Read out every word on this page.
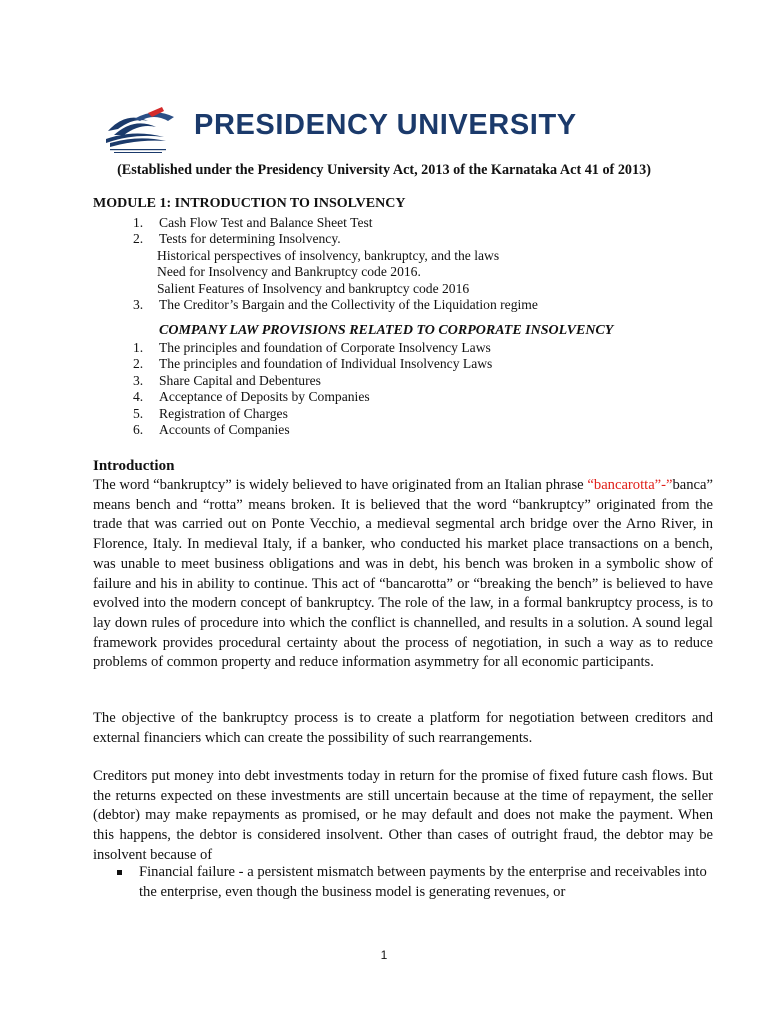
PRESIDENCY UNIVERSITY
(Established under the Presidency University Act, 2013 of the Karnataka Act 41 of 2013)
MODULE 1: INTRODUCTION TO INSOLVENCY
1. Cash Flow Test and Balance Sheet Test
2. Tests for determining Insolvency.
Historical perspectives of insolvency, bankruptcy, and the laws
Need for Insolvency and Bankruptcy code 2016.
Salient Features of Insolvency and bankruptcy code 2016
3. The Creditor’s Bargain and the Collectivity of the Liquidation regime
COMPANY LAW PROVISIONS RELATED TO CORPORATE INSOLVENCY
1. The principles and foundation of Corporate Insolvency Laws
2. The principles and foundation of Individual Insolvency Laws
3. Share Capital and Debentures
4. Acceptance of Deposits by Companies
5. Registration of Charges
6. Accounts of Companies
Introduction
The word “bankruptcy” is widely believed to have originated from an Italian phrase “bancarotta”-”banca” means bench and “rotta” means broken. It is believed that the word “bankruptcy” originated from the trade that was carried out on Ponte Vecchio, a medieval segmental arch bridge over the Arno River, in Florence, Italy. In medieval Italy, if a banker, who conducted his market place transactions on a bench, was unable to meet business obligations and was in debt, his bench was broken in a symbolic show of failure and his in ability to continue. This act of “bancarotta” or “breaking the bench” is believed to have evolved into the modern concept of bankruptcy. The role of the law, in a formal bankruptcy process, is to lay down rules of procedure into which the conflict is channelled, and results in a solution. A sound legal framework provides procedural certainty about the process of negotiation, in such a way as to reduce problems of common property and reduce information asymmetry for all economic participants.
The objective of the bankruptcy process is to create a platform for negotiation between creditors and external financiers which can create the possibility of such rearrangements.
Creditors put money into debt investments today in return for the promise of fixed future cash flows. But the returns expected on these investments are still uncertain because at the time of repayment, the seller (debtor) may make repayments as promised, or he may default and does not make the payment. When this happens, the debtor is considered insolvent. Other than cases of outright fraud, the debtor may be insolvent because of
Financial failure - a persistent mismatch between payments by the enterprise and receivables into the enterprise, even though the business model is generating revenues, or
1
